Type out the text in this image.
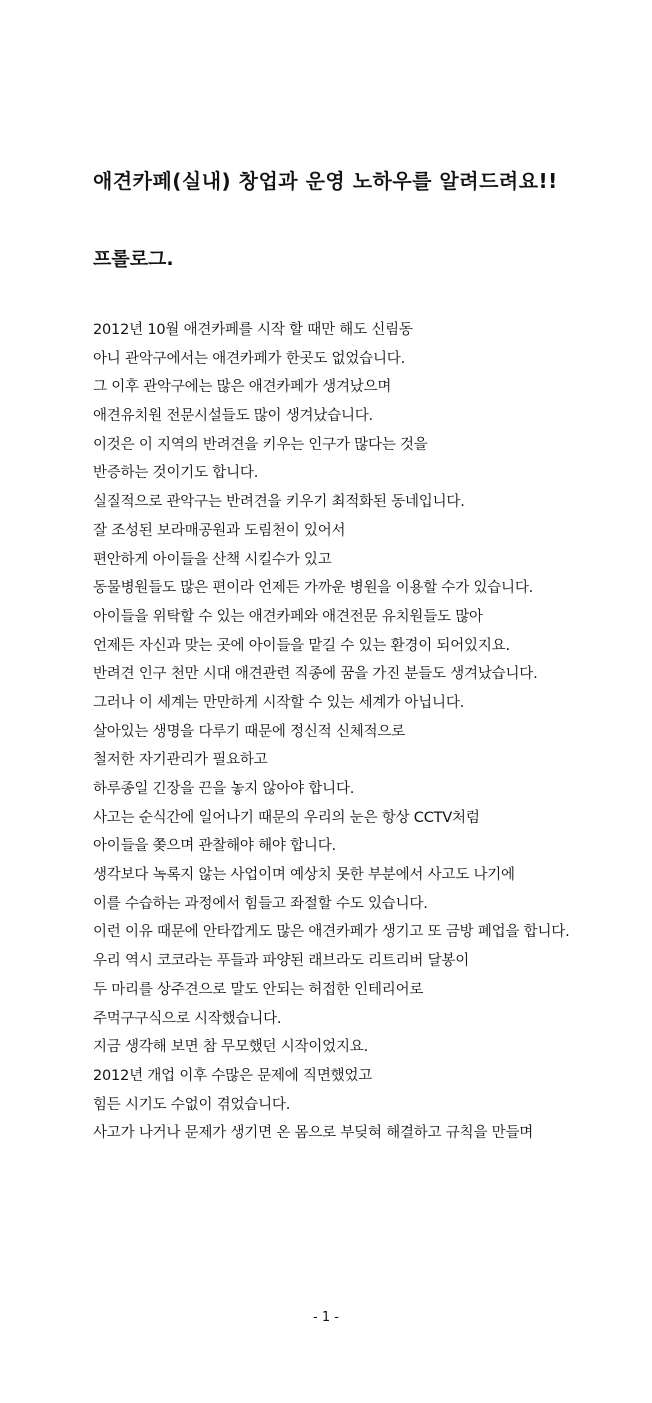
애견카페(실내) 창업과 운영 노하우를 알려드려요!!
프롤로그.
2012년 10월 애견카페를 시작 할 때만 해도 신림동
아니 관악구에서는 애견카페가 한곳도 없었습니다.
그 이후 관악구에는 많은 애견카페가 생겨났으며
애견유치원 전문시설들도 많이 생겨났습니다.
이것은 이 지역의 반려견을 키우는 인구가 많다는 것을
반증하는 것이기도 합니다.
실질적으로 관악구는 반려견을 키우기 최적화된 동네입니다.
잘 조성된 보라매공원과 도림천이 있어서
편안하게 아이들을 산책 시킬수가 있고
동물병원들도 많은 편이라 언제든 가까운 병원을 이용할 수가 있습니다.
아이들을 위탁할 수 있는 애견카페와 애견전문 유치원들도 많아
언제든 자신과 맞는 곳에 아이들을 맡길 수 있는 환경이 되어있지요.
반려견 인구 천만 시대 애견관련 직종에 꿈을 가진 분들도 생겨났습니다.
그러나 이 세계는 만만하게 시작할 수 있는 세계가 아닙니다.
살아있는 생명을 다루기 때문에 정신적 신체적으로
철저한 자기관리가 필요하고
하루종일 긴장을 끈을 놓지 않아야 합니다.
사고는 순식간에 일어나기 때문의 우리의 눈은 항상 CCTV처럼
아이들을 쫒으며 관찰해야 해야 합니다.
생각보다 녹록지 않는 사업이며 예상치 못한 부분에서 사고도 나기에
이를 수습하는 과정에서 힘들고 좌절할 수도 있습니다.
이런 이유 때문에 안타깝게도 많은 애견카페가 생기고 또 금방 폐업을 합니다.
우리 역시 코코라는 푸들과 파양된 래브라도 리트리버 달봉이
두 마리를 상주견으로 말도 안되는 허접한 인테리어로
주먹구구식으로 시작했습니다.
지금 생각해 보면 참 무모했던 시작이었지요.
2012년 개업 이후 수많은 문제에 직면했었고
힘든 시기도 수없이 겪었습니다.
사고가 나거나 문제가 생기면 온 몸으로 부딪혀 해결하고 규칙을 만들며
- 1 -
